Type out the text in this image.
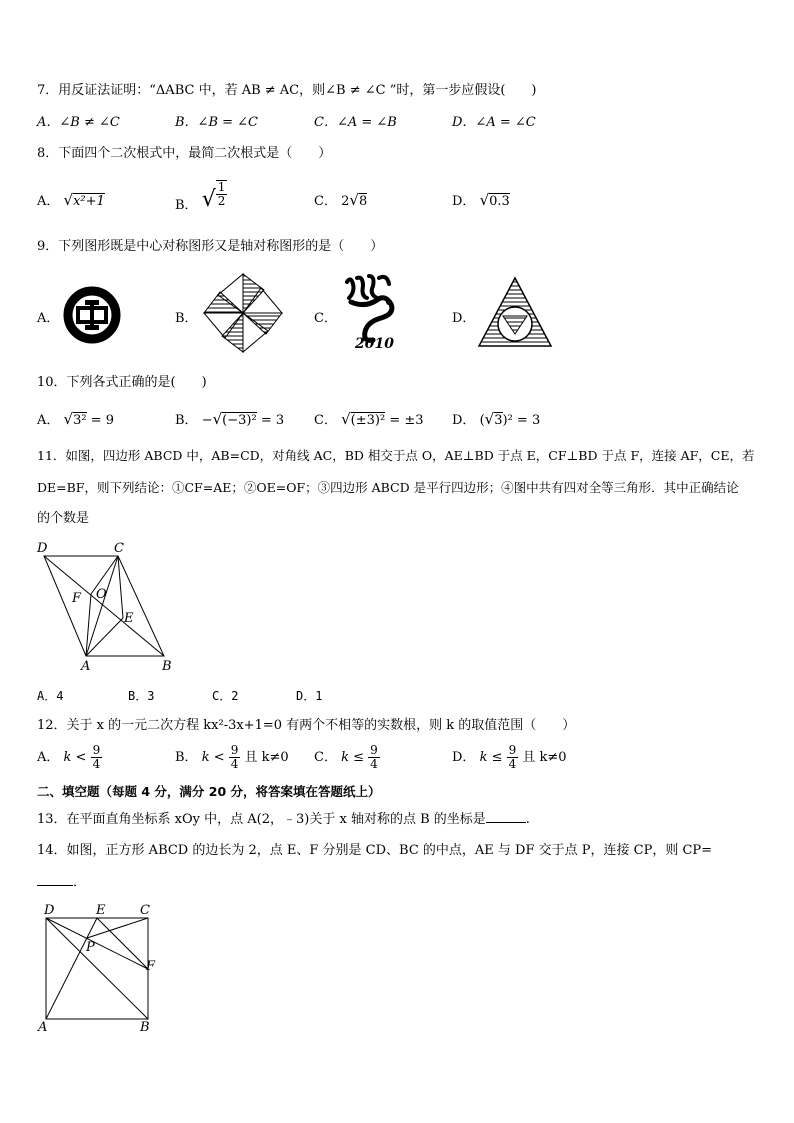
7．用反证法证明：“ΔABC 中，若 AB ≠ AC，则∠B ≠ ∠C ”时，第一步应假设(　　)
A．∠B ≠ ∠C	B．∠B = ∠C	C．∠A = ∠B	D．∠A = ∠C
8．下面四个二次根式中，最简二次根式是（　　）
A． √x²+1	B． √ $\frac{1}{2}$	C． 2√8	D． √0.3
9．下列图形既是中心对称图形又是轴对称图形的是（　　）
A．	B．	C．	D．
2010
10．下列各式正确的是(　　)
A． √3² = 9	B． −√(−3)² = 3 C． √(±3)² = ±3 D． (√3)² = 3
11．如图，四边形 ABCD 中，AB=CD，对角线 AC，BD 相交于点 O，AE⊥BD 于点 E，CF⊥BD 于点 F，连接 AF，CE，若
DE=BF，则下列结论：①CF=AE；②OE=OF；③四边形 ABCD 是平行四边形；④图中共有四对全等三角形．其中正确结论
的个数是
D	C
F O
E
A	B
A．4	B．3	C．2	D．1
12．关于 x 的一元二次方程 kx²-3x+1=0 有两个不相等的实数根，则 k 的取值范围（　　）
A． $k < \frac{9}{4}$	B． $k < \frac{9}{4}$ 且 k≠0 C． $k \le \frac{9}{4}$	D． $k \le \frac{9}{4}$ 且 k≠0
二、填空题（每题 4 分，满分 20 分，将答案填在答题纸上）
13．在平面直角坐标系 xOy 中，点 A(2，﹣3)关于 x 轴对称的点 B 的坐标是	.
14．如图，正方形 ABCD 的边长为 2，点 E、F 分别是 CD、BC 的中点，AE 与 DF 交于点 P，连接 CP，则 CP=
．
D	E	C
P
F
A	B
